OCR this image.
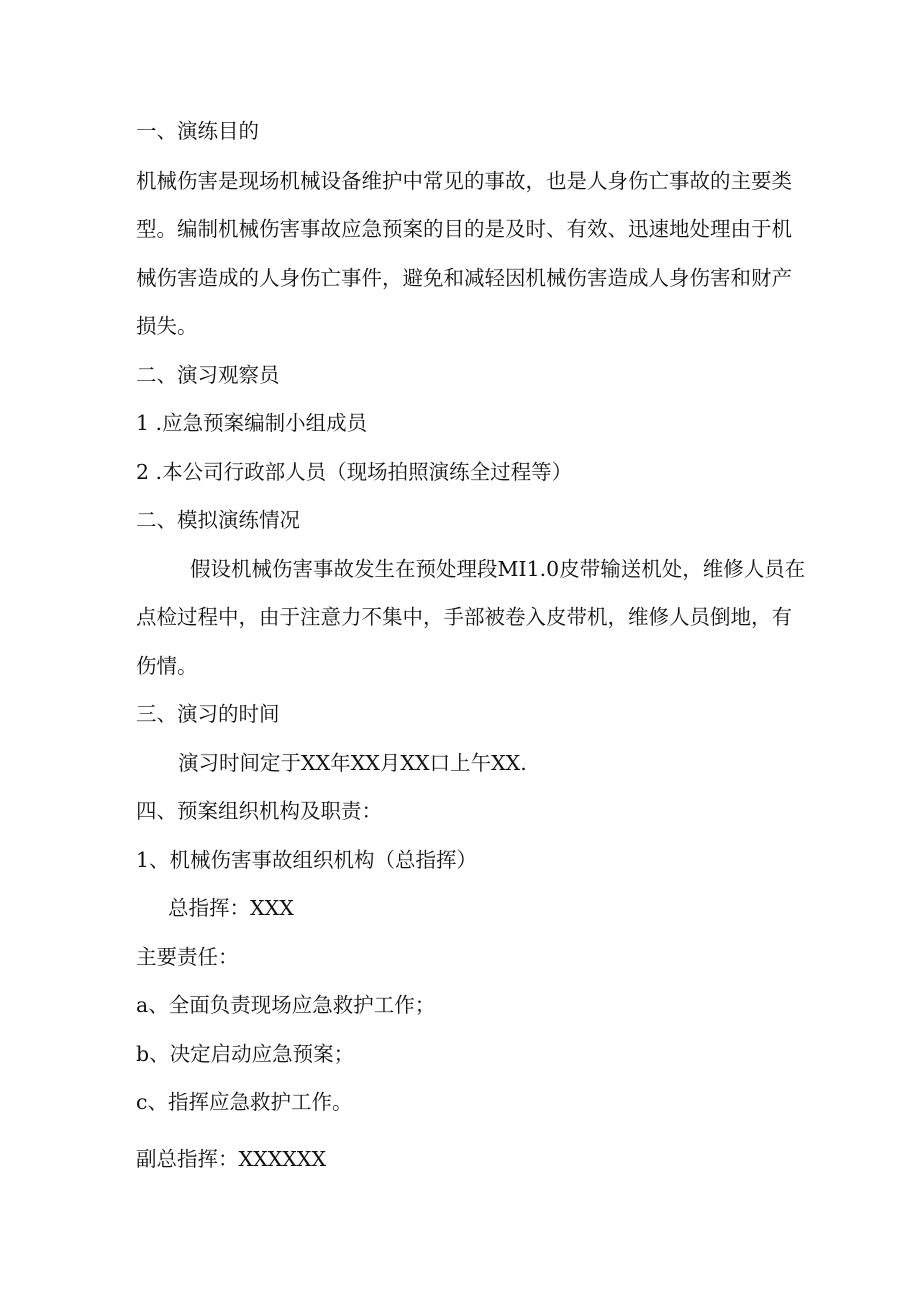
一、演练目的

机械伤害是现场机械设备维护中常见的事故，也是人身伤亡事故的主要类

型。编制机械伤害事故应急预案的目的是及时、有效、迅速地处理由于机

械伤害造成的人身伤亡事件，避免和减轻因机械伤害造成人身伤害和财产

损失。

二、演习观察员

1 .应急预案编制小组成员

2 .本公司行政部人员（现场拍照演练全过程等）

二、模拟演练情况

假设机械伤害事故发生在预处理段MI1.0皮带输送机处，维修人员在

点检过程中，由于注意力不集中，手部被卷入皮带机，维修人员倒地，有

伤情。

三、演习的时间

演习时间定于XX年XX月XX口上午XX.

四、预案组织机构及职责：

1、机械伤害事故组织机构（总指挥）

总指挥：XXX

主要责任：

a、全面负责现场应急救护工作；

b、决定启动应急预案；

c、指挥应急救护工作。

副总指挥：XXXXXX
